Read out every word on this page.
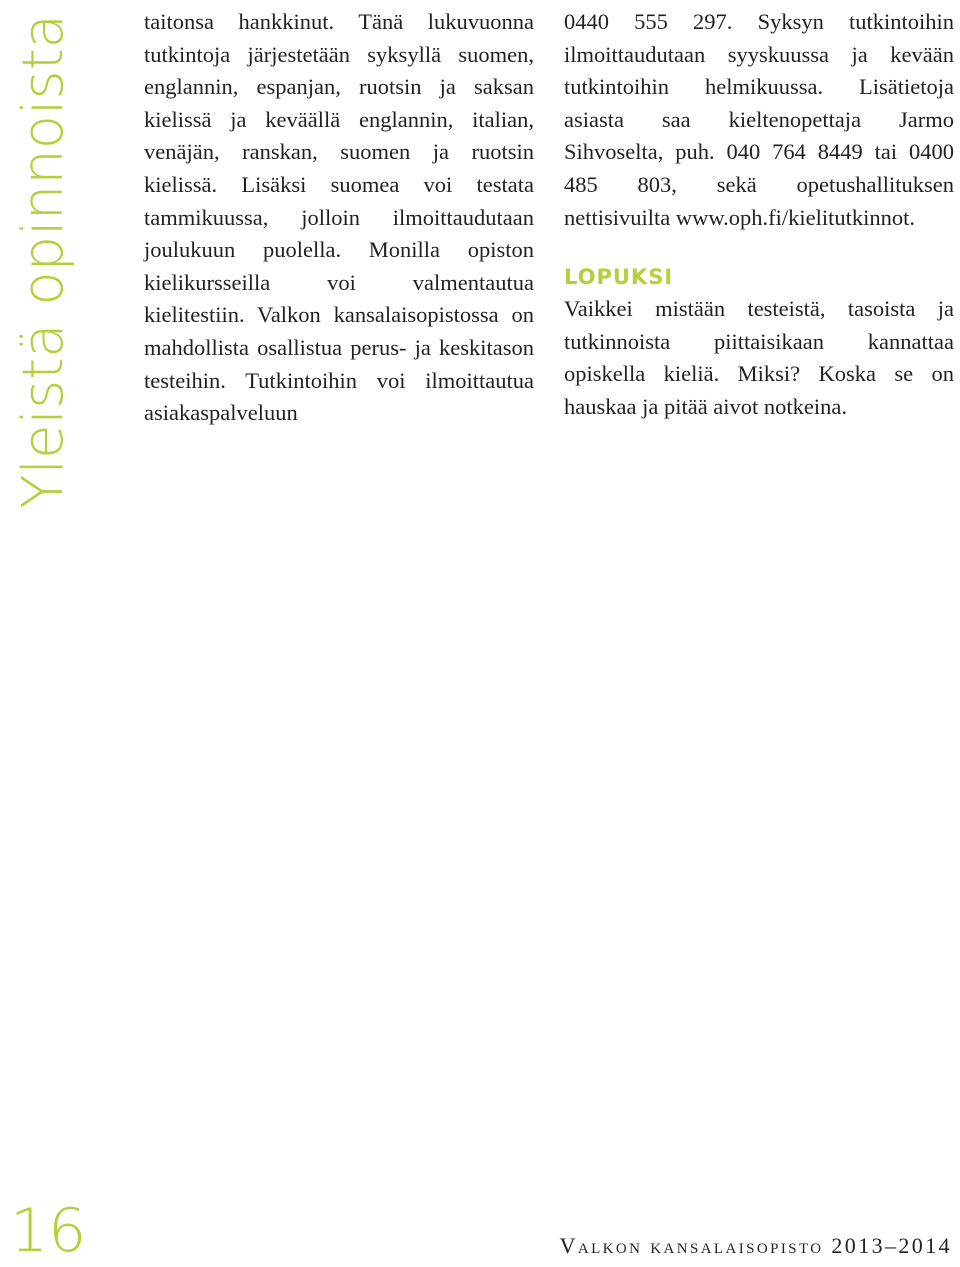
Yleistä opinnoista	taitonsa hankkinut. Tänä lukuvuonna tutkintoja järjestetään syksyllä suomen, englannin, espanjan, ruotsin ja saksan kielissä ja keväällä englannin, italian, venäjän, ranskan, suomen ja ruotsin kielissä. Lisäksi suomea voi testata tammikuussa, jolloin ilmoittaudutaan joulukuun puolella. Monilla opiston kielikursseilla voi valmentautua kielitestiin. Valkon kansalaisopistossa on mahdollista osallistua perus- ja keskitason testeihin. Tutkintoihin voi ilmoittautua asiakaspalveluun

0440 555 297. Syksyn tutkintoihin ilmoittaudutaan syyskuussa ja kevään tutkintoihin helmikuussa. Lisätietoja asiasta saa kieltenopettaja Jarmo Sihvoselta, puh. 040 764 8449 tai 0400 485 803, sekä opetushallituksen nettisivuilta www.oph.fi/kielitutkinnot.

LOPUKSI

Vaikkei mistään testeistä, tasoista ja tutkinnoista piittaisikaan kannattaa opiskella kieliä. Miksi? Koska se on hauskaa ja pitää aivot notkeina.

16	Valkon kansalaisopisto 2013–2014
